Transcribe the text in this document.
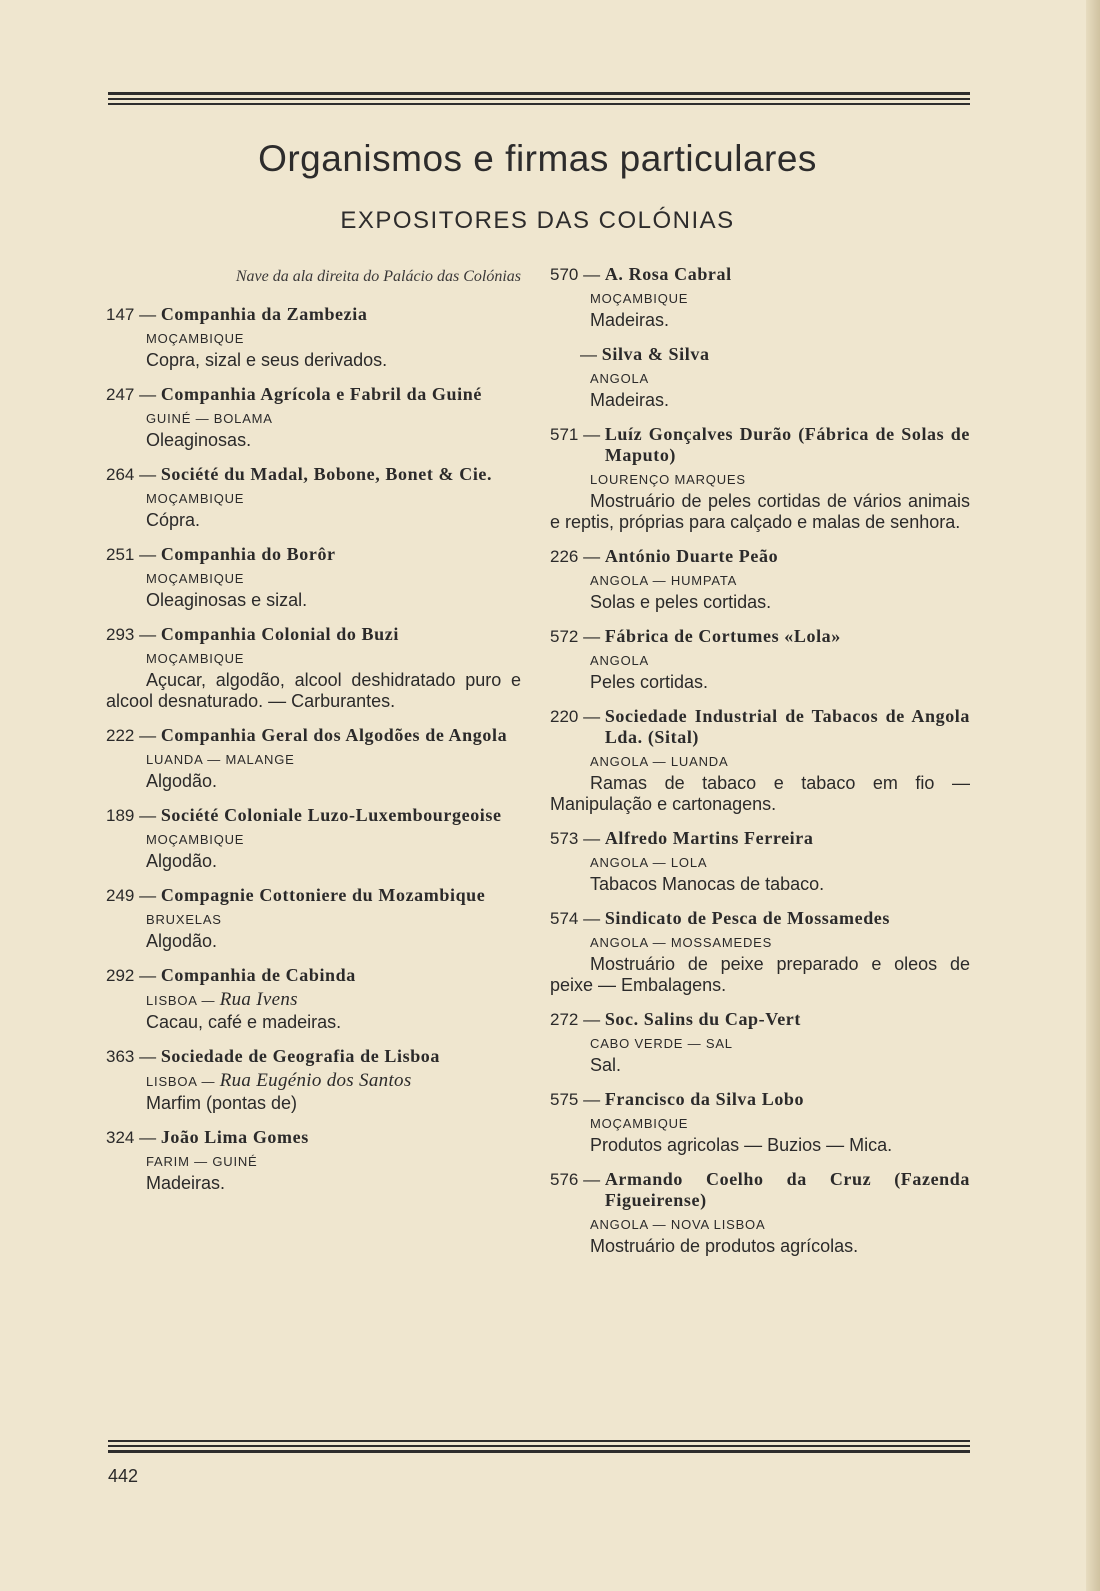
Organismos e firmas particulares
EXPOSITORES DAS COLÓNIAS
Nave da ala direita do Palácio das Colónias
147 — Companhia da Zambezia
MOÇAMBIQUE
Copra, sizal e seus derivados.
247 — Companhia Agrícola e Fabril da Guiné
GUINÉ — BOLAMA
Oleaginosas.
264 — Société du Madal, Bobone, Bonet & Cie.
MOÇAMBIQUE
Cópra.
251 — Companhia do Borôr
MOÇAMBIQUE
Oleaginosas e sizal.
293 — Companhia Colonial do Buzi
MOÇAMBIQUE
Açucar, algodão, alcool deshidratado puro e alcool desnaturado. — Carburantes.
222 — Companhia Geral dos Algodões de Angola
LUANDA — MALANGE
Algodão.
189 — Société Coloniale Luzo-Luxembourgeoise
MOÇAMBIQUE
Algodão.
249 — Compagnie Cottoniere du Mozambique
BRUXELAS
Algodão.
292 — Companhia de Cabinda
LISBOA — Rua Ivens
Cacau, café e madeiras.
363 — Sociedade de Geografia de Lisboa
LISBOA — Rua Eugénio dos Santos
Marfim (pontas de)
324 — João Lima Gomes
FARIM — GUINÉ
Madeiras.
570 — A. Rosa Cabral
MOÇAMBIQUE
Madeiras.
— Silva & Silva
ANGOLA
Madeiras.
571 — Luíz Gonçalves Durão (Fábrica de Solas de Maputo)
LOURENÇO MARQUES
Mostruário de peles cortidas de vários animais e reptis, próprias para calçado e malas de senhora.
226 — António Duarte Peão
ANGOLA — HUMPATA
Solas e peles cortidas.
572 — Fábrica de Cortumes «Lola»
ANGOLA
Peles cortidas.
220 — Sociedade Industrial de Tabacos de Angola Lda. (Sital)
ANGOLA — LUANDA
Ramas de tabaco e tabaco em fio — Manipulação e cartonagens.
573 — Alfredo Martins Ferreira
ANGOLA — LOLA
Tabacos Manocas de tabaco.
574 — Sindicato de Pesca de Mossamedes
ANGOLA — MOSSAMEDES
Mostruário de peixe preparado e oleos de peixe — Embalagens.
272 — Soc. Salins du Cap-Vert
CABO VERDE — SAL
Sal.
575 — Francisco da Silva Lobo
MOÇAMBIQUE
Produtos agricolas — Buzios — Mica.
576 — Armando Coelho da Cruz (Fazenda Figueirense)
ANGOLA — NOVA LISBOA
Mostruário de produtos agrícolas.
442
